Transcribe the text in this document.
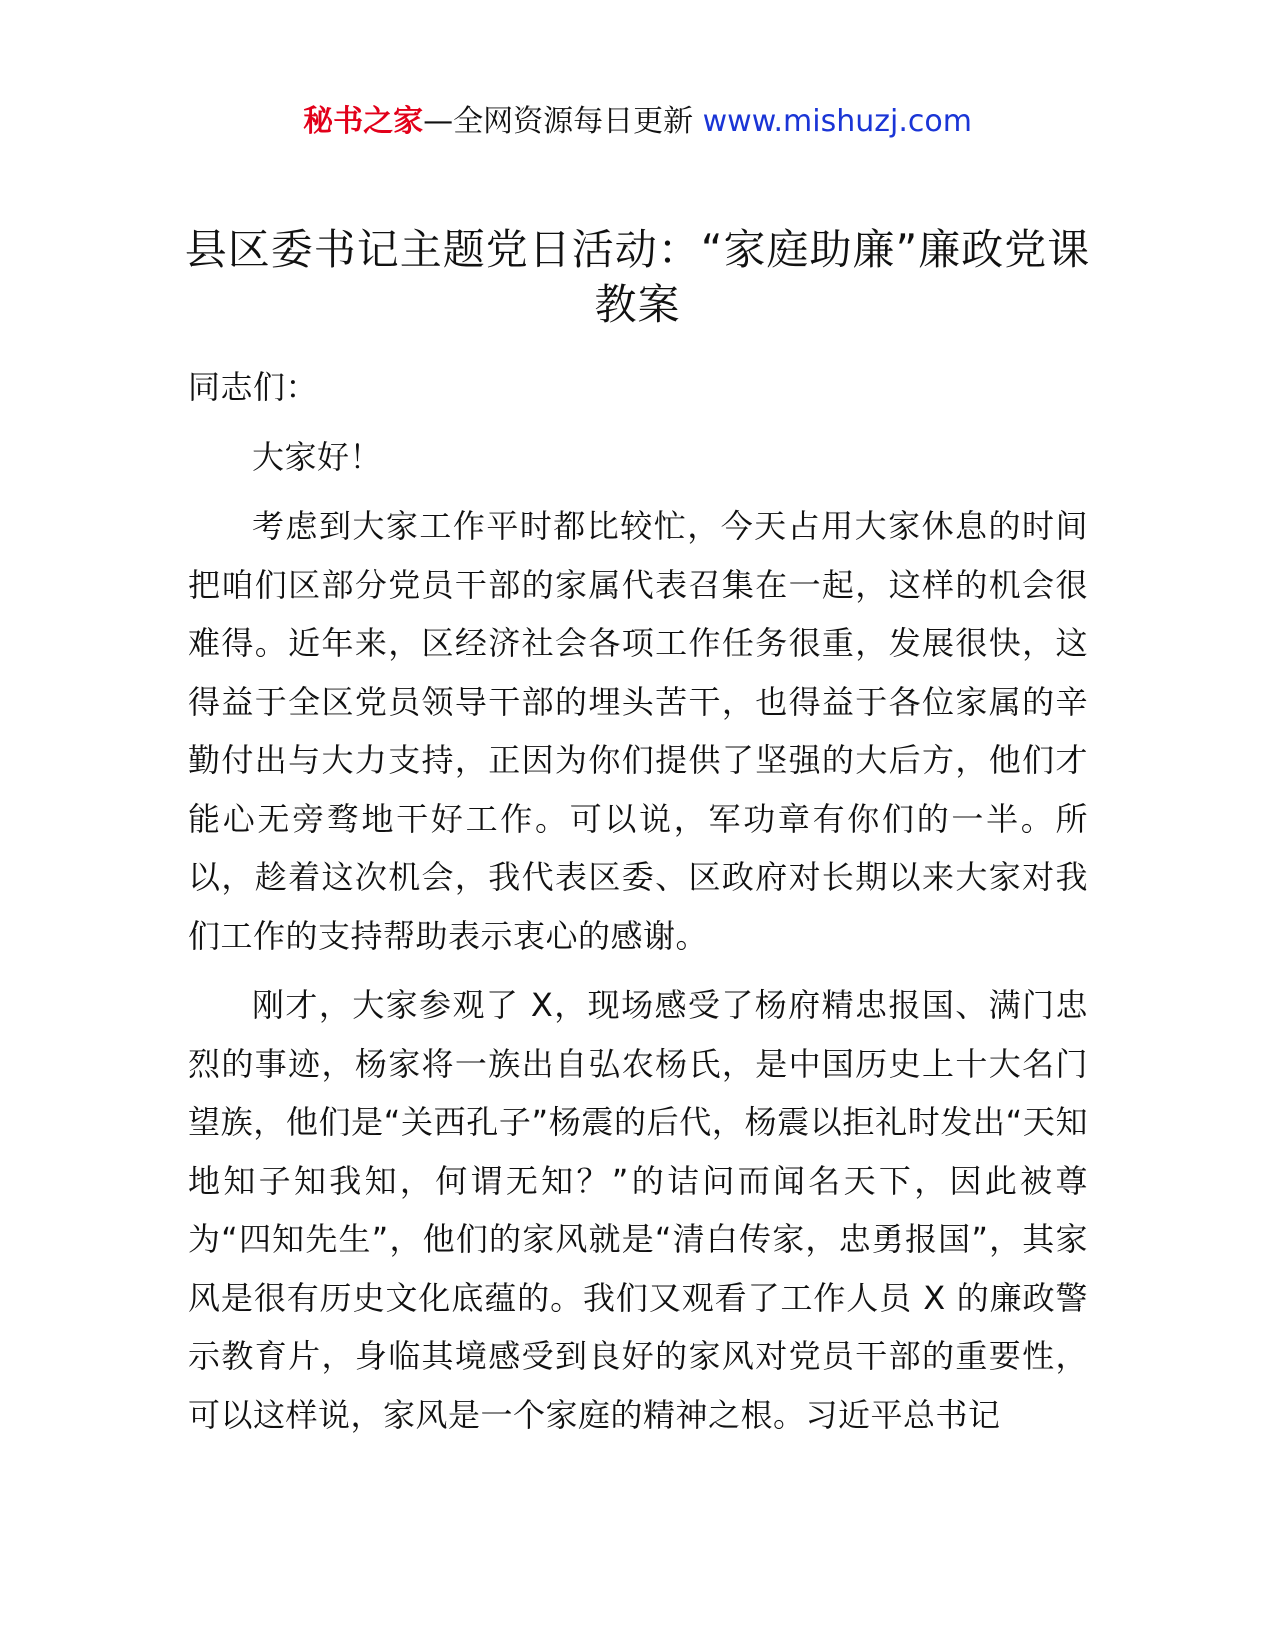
秘书之家—全网资源每日更新 www.mishuzj.com
县区委书记主题党日活动：“家庭助廉”廉政党课教案

同志们：

大家好！

考虑到大家工作平时都比较忙，今天占用大家休息的时间把咱们区部分党员干部的家属代表召集在一起，这样的机会很难得。近年来，区经济社会各项工作任务很重，发展很快，这得益于全区党员领导干部的埋头苦干，也得益于各位家属的辛勤付出与大力支持，正因为你们提供了坚强的大后方，他们才能心无旁骛地干好工作。可以说，军功章有你们的一半。所以，趁着这次机会，我代表区委、区政府对长期以来大家对我们工作的支持帮助表示衷心的感谢。

刚才，大家参观了 X，现场感受了杨府精忠报国、满门忠烈的事迹，杨家将一族出自弘农杨氏，是中国历史上十大名门望族，他们是“关西孔子”杨震的后代，杨震以拒礼时发出“天知地知子知我知，何谓无知？”的诘问而闻名天下，因此被尊为“四知先生”，他们的家风就是“清白传家，忠勇报国”，其家风是很有历史文化底蕴的。我们又观看了工作人员 X 的廉政警示教育片，身临其境感受到良好的家风对党员干部的重要性，可以这样说，家风是一个家庭的精神之根。习近平总书记
